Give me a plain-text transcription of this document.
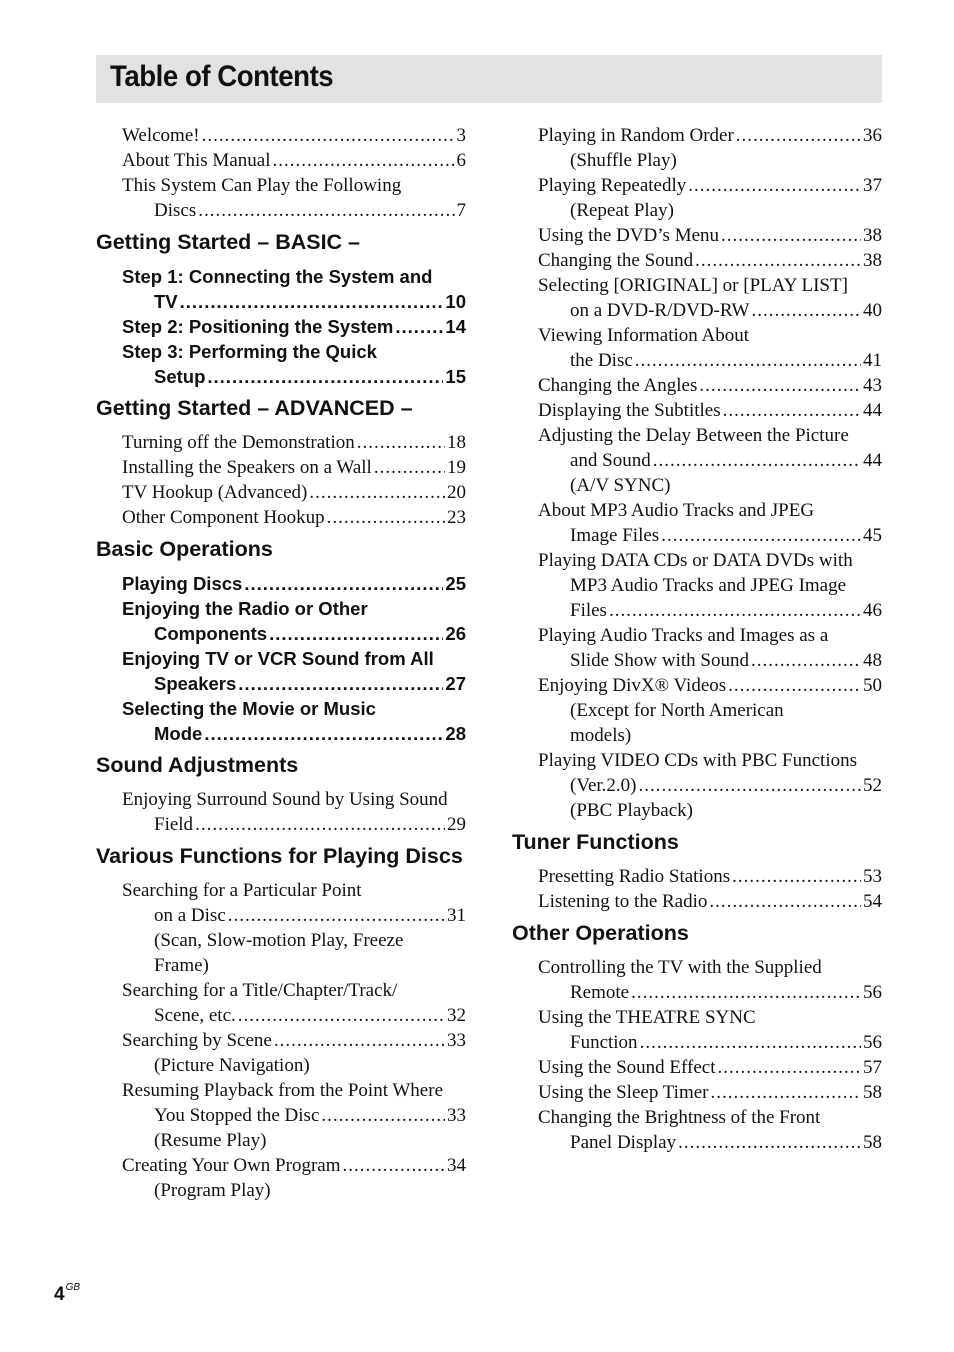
Table of Contents
Welcome! .....	3
About This Manual .....	6
This System Can Play the Following
Discs .....	7
Getting Started – BASIC –
Step 1: Connecting the System and
TV .....	10
Step 2: Positioning the System .....	14
Step 3: Performing the Quick
Setup .....	15
Getting Started – ADVANCED –
Turning off the Demonstration .....	18
Installing the Speakers on a Wall .....	19
TV Hookup (Advanced) .....	20
Other Component Hookup .....	23
Basic Operations
Playing Discs .....	25
Enjoying the Radio or Other
Components .....	26
Enjoying TV or VCR Sound from All
Speakers .....	27
Selecting the Movie or Music
Mode .....	28
Sound Adjustments
Enjoying Surround Sound by Using Sound
Field .....	29
Various Functions for Playing Discs
Searching for a Particular Point
on a Disc .....	31
(Scan, Slow-motion Play, Freeze
Frame)
Searching for a Title/Chapter/Track/
Scene, etc. .....	32
Searching by Scene .....	33
(Picture Navigation)
Resuming Playback from the Point Where
You Stopped the Disc .....	33
(Resume Play)
Creating Your Own Program .....	34
(Program Play)
Playing in Random Order .....	36
(Shuffle Play)
Playing Repeatedly .....	37
(Repeat Play)
Using the DVD’s Menu .....	38
Changing the Sound .....	38
Selecting [ORIGINAL] or [PLAY LIST]
on a DVD-R/DVD-RW .....	40
Viewing Information About
the Disc .....	41
Changing the Angles .....	43
Displaying the Subtitles .....	44
Adjusting the Delay Between the Picture
and Sound .....	44
(A/V SYNC)
About MP3 Audio Tracks and JPEG
Image Files .....	45
Playing DATA CDs or DATA DVDs with
MP3 Audio Tracks and JPEG Image
Files .....	46
Playing Audio Tracks and Images as a
Slide Show with Sound .....	48
Enjoying DivX® Videos .....	50
(Except for North American
models)
Playing VIDEO CDs with PBC Functions
(Ver.2.0) .....	52
(PBC Playback)
Tuner Functions
Presetting Radio Stations .....	53
Listening to the Radio .....	54
Other Operations
Controlling the TV with the Supplied
Remote .....	56
Using the THEATRE SYNC
Function .....	56
Using the Sound Effect .....	57
Using the Sleep Timer .....	58
Changing the Brightness of the Front
Panel Display .....	58
$4^{GB}$
